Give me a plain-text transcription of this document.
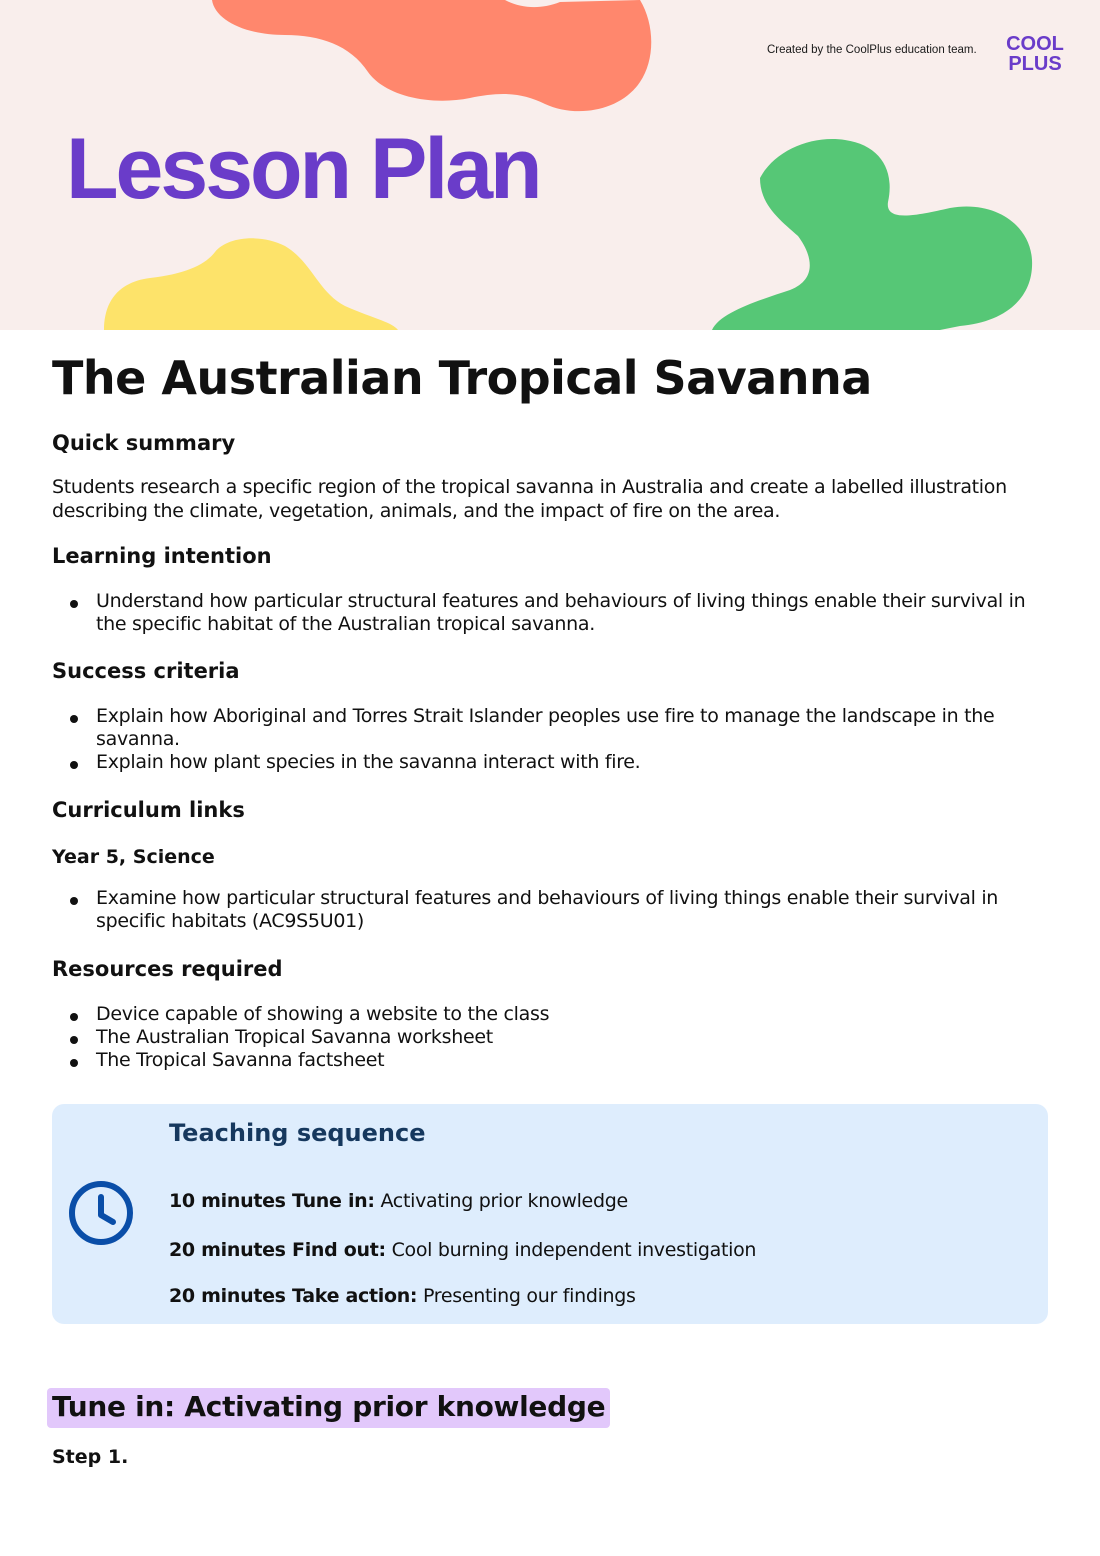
Created by the CoolPlus education team. COOL
PLUS
Lesson Plan
The Australian Tropical Savanna
Quick summary

Students research a specific region of the tropical savanna in Australia and create a labelled illustration describing the climate, vegetation, animals, and the impact of fire on the area.

Learning intention
Understand how particular structural features and behaviours of living things enable their survival in the specific habitat of the Australian tropical savanna.
Success criteria
Explain how Aboriginal and Torres Strait Islander peoples use fire to manage the landscape in the savanna.
Explain how plant species in the savanna interact with fire.
Curriculum links
Year 5, Science
Examine how particular structural features and behaviours of living things enable their survival in specific habitats (AC9S5U01)
Resources required
Device capable of showing a website to the class
The Australian Tropical Savanna worksheet
The Tropical Savanna factsheet
Teaching sequence
10 minutes Tune in: Activating prior knowledge
20 minutes Find out: Cool burning independent investigation
20 minutes Take action: Presenting our findings
Tune in: Activating prior knowledge
Step 1.
